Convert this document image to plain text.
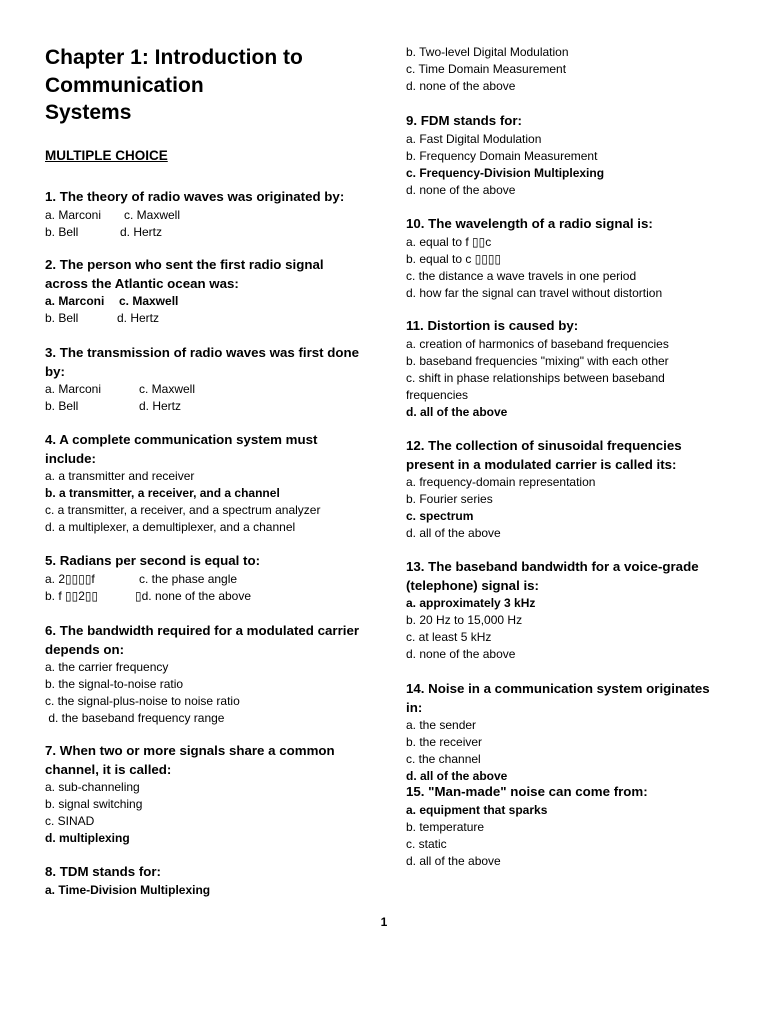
Chapter 1: Introduction to
Communication
Systems
MULTIPLE CHOICE
1. The theory of radio waves was originated by:
a. Marconi	c. Maxwell
b. Bell	d. Hertz
2. The person who sent the first radio signal
across the Atlantic ocean was:
a. Marconi	c. Maxwell
b. Bell	d. Hertz
3. The transmission of radio waves was first done
by:
a. Marconi	c. Maxwell
b. Bell	d. Hertz
4. A complete communication system must
include:
a. a transmitter and receiver
b. a transmitter, a receiver, and a channel
c. a transmitter, a receiver, and a spectrum analyzer
d. a multiplexer, a demultiplexer, and a channel
5. Radians per second is equal to:
a. 2▯▯▯▯f	c. the phase angle
b. f ▯▯2▯▯	▯d. none of the above
6. The bandwidth required for a modulated carrier
depends on:
a. the carrier frequency
b. the signal-to-noise ratio
c. the signal-plus-noise to noise ratio
d. the baseband frequency range
7. When two or more signals share a common
channel, it is called:
a. sub-channeling
b. signal switching
c. SINAD
d. multiplexing
8. TDM stands for:
a. Time-Division Multiplexing
b. Two-level Digital Modulation
c. Time Domain Measurement
d. none of the above
9. FDM stands for:
a. Fast Digital Modulation
b. Frequency Domain Measurement
c. Frequency-Division Multiplexing
d. none of the above
10. The wavelength of a radio signal is:
a. equal to f ▯▯c
b. equal to c ▯▯▯▯
c. the distance a wave travels in one period
d. how far the signal can travel without distortion
11. Distortion is caused by:
a. creation of harmonics of baseband frequencies
b. baseband frequencies "mixing" with each other
c. shift in phase relationships between baseband frequencies
d. all of the above
12. The collection of sinusoidal frequencies
present in a modulated carrier is called its:
a. frequency-domain representation
b. Fourier series
c. spectrum
d. all of the above
13. The baseband bandwidth for a voice-grade
(telephone) signal is:
a. approximately 3 kHz
b. 20 Hz to 15,000 Hz
c. at least 5 kHz
d. none of the above
14. Noise in a communication system originates
in:
a. the sender
b. the receiver
c. the channel
d. all of the above
15. "Man-made" noise can come from:
a. equipment that sparks
b. temperature
c. static
d. all of the above
1
